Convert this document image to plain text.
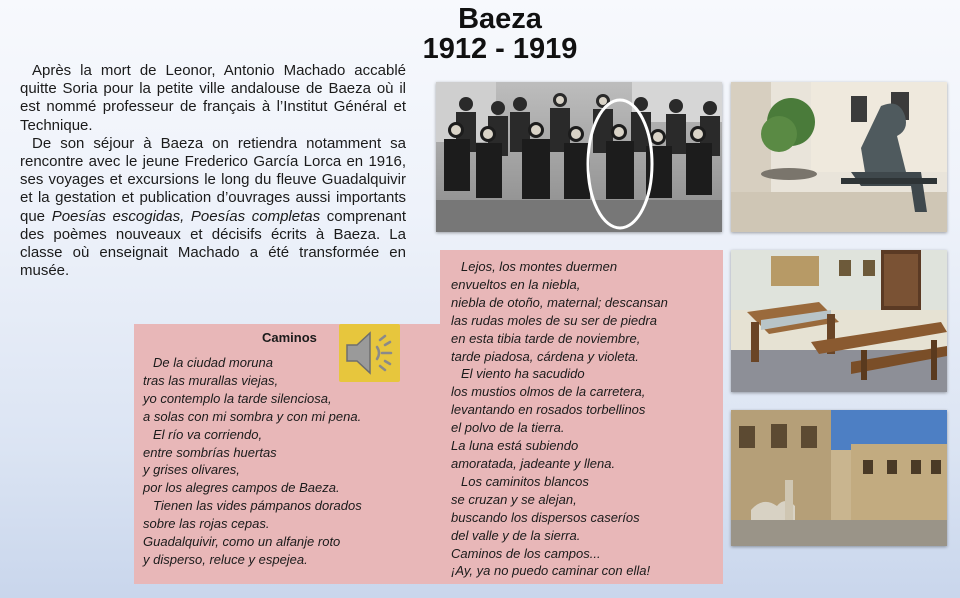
Baeza
1912 - 1919

Après la mort de Leonor, Antonio Machado accablé quitte Soria pour la petite ville andalouse de Baeza où il est nommé professeur de français à l’Institut Général et Technique.

De son séjour à Baeza on retiendra notamment sa rencontre avec le jeune Frederico García Lorca en 1916, ses voyages et excursions le long du fleuve Guadalquivir et la gestation et publication d’ouvrages aussi importants que Poesías escogidas, Poesías completas comprenant des poèmes nouveaux et décisifs écrits à Baeza. La classe où enseignait Machado a été transformée en musée.

Caminos
De la ciudad moruna
tras las murallas viejas,
yo contemplo la tarde silenciosa,
a solas con mi sombra y con mi pena.
El río va corriendo,
entre sombrías huertas
y grises olivares,
por los alegres campos de Baeza.
Tienen las vides pámpanos dorados
sobre las rojas cepas.
Guadalquivir, como un alfanje roto
y disperso, reluce y espejea.
Lejos, los montes duermen
envueltos en la niebla,
niebla de otoño, maternal; descansan
las rudas moles de su ser de piedra
en esta tibia tarde de noviembre,
tarde piadosa, cárdena y violeta.
El viento ha sacudido
los mustios olmos de la carretera,
levantando en rosados torbellinos
el polvo de la tierra.
La luna está subiendo
amoratada, jadeante y llena.
Los caminitos blancos
se cruzan y se alejan,
buscando los dispersos caseríos
del valle y de la sierra.
Caminos de los campos...
¡Ay, ya no puedo caminar con ella!
